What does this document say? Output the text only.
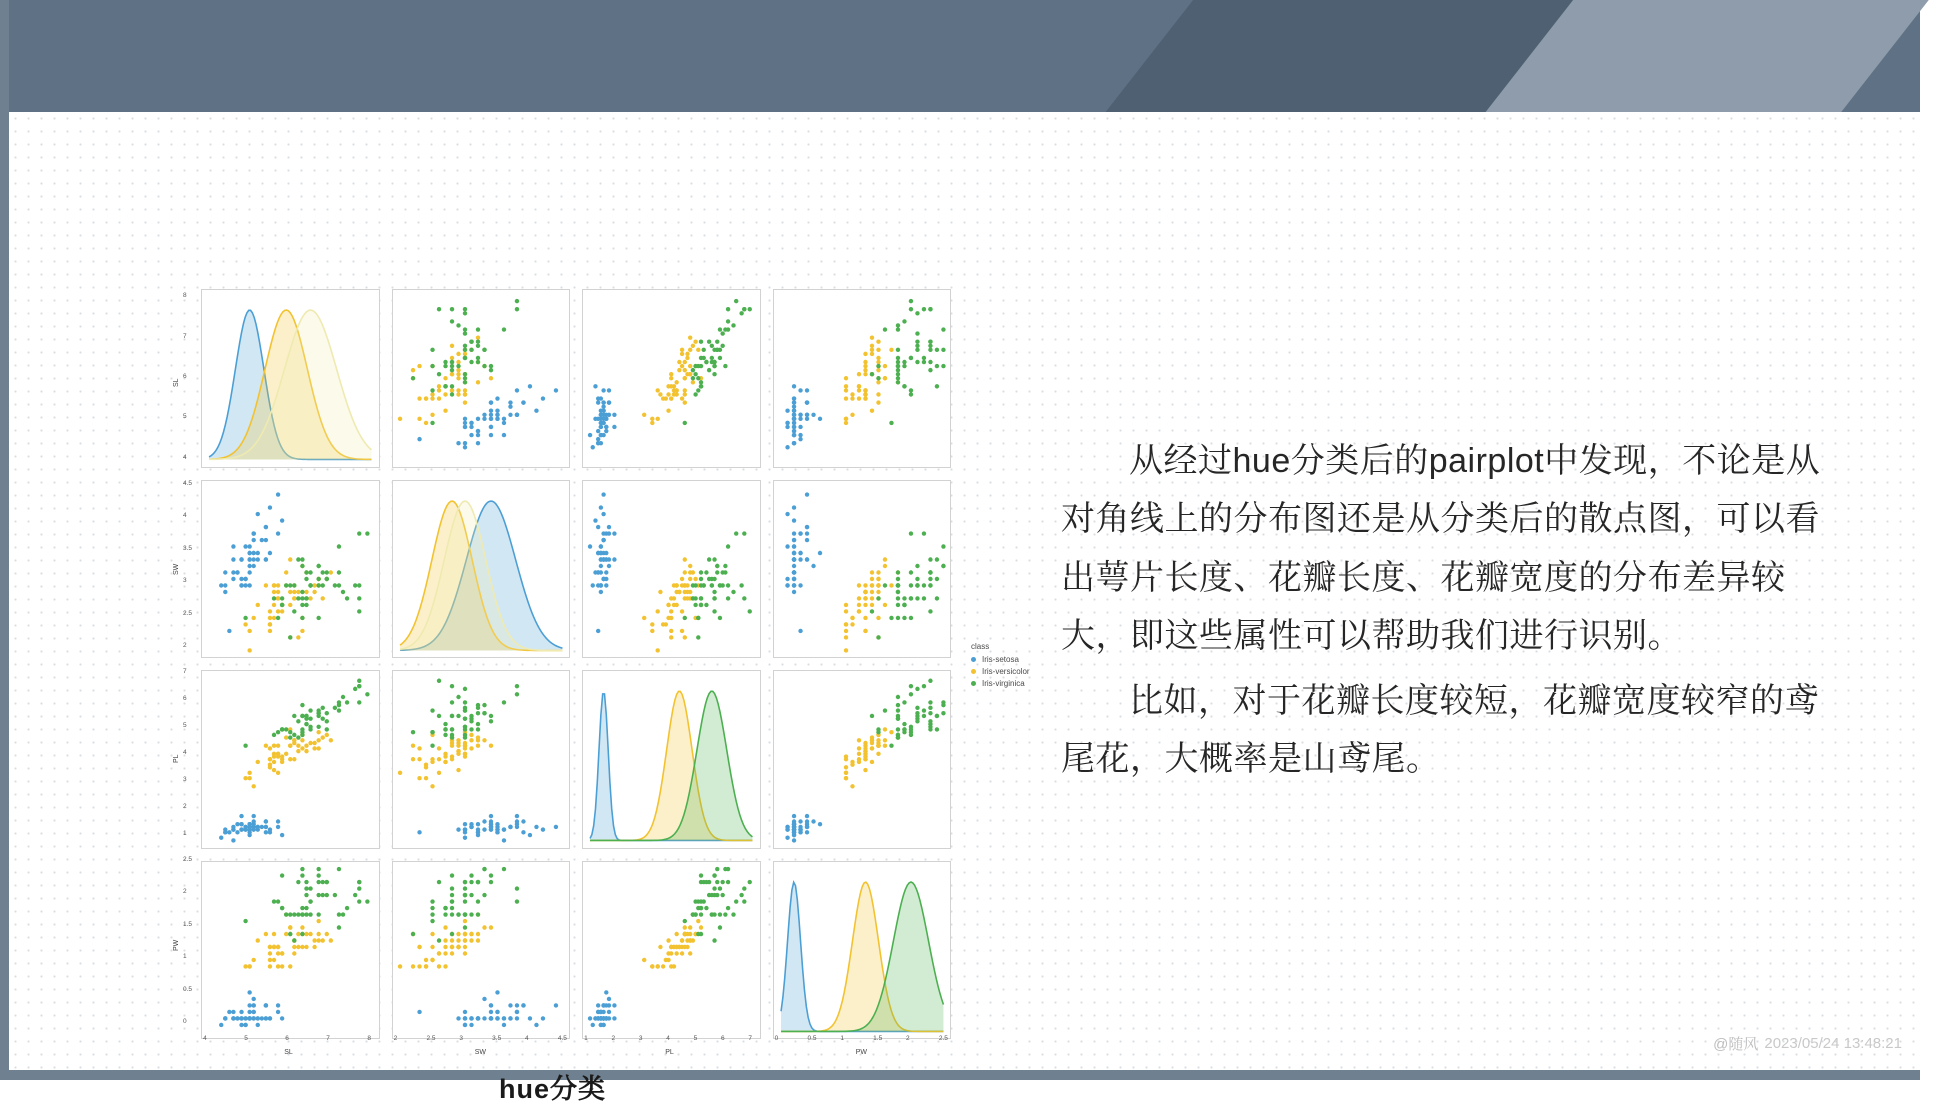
SL
4
5
6
7
8
SW
2
2.5
3
3.5
4
4.5
PL
1
2
3
4
5
6
7
PW
0
0.5
1
1.5
2
2.5
SL
4	5	6	7	8
SW
2	2.5	3	3.5	4	4.5
PL
1	2	3	4	5	6	7
PW
0	0.5	1	1.5	2	2.5
class
Iris-setosa
Iris-versicolor
Iris-virginica
hue分类

从经过hue分类后的pairplot中发现，不论是从对角线上的分布图还是从分类后的散点图，可以看出萼片长度、花瓣长度、花瓣宽度的分布差异较大，即这些属性可以帮助我们进行识别。

比如，对于花瓣长度较短，花瓣宽度较窄的鸢尾花，大概率是山鸢尾。

@随风 2023/05/24 13:48:21
